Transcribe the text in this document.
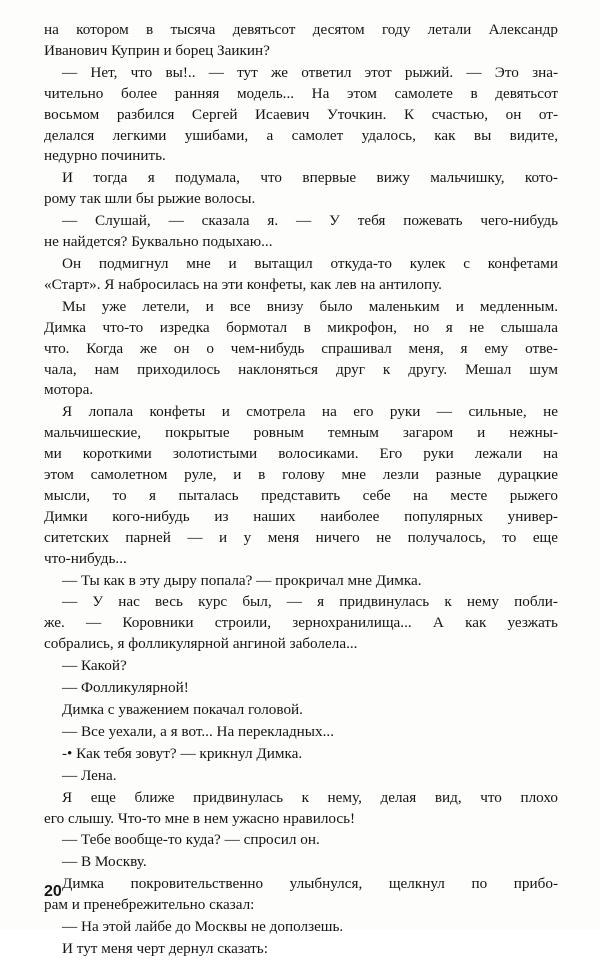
на котором в тысяча девятьсот десятом году летали Александр
Иванович Куприн и борец Заикин?
— Нет, что вы!.. — тут же ответил этот рыжий. — Это зна-
чительно более ранняя модель... На этом самолете в девятьсот
восьмом разбился Сергей Исаевич Уточкин. К счастью, он от-
делался легкими ушибами, а самолет удалось, как вы видите,
недурно починить.
И тогда я подумала, что впервые вижу мальчишку, кото-
рому так шли бы рыжие волосы.
— Слушай, — сказала я. — У тебя пожевать чего-нибудь
не найдется? Буквально подыхаю...
Он подмигнул мне и вытащил откуда-то кулек с конфетами
«Старт». Я набросилась на эти конфеты, как лев на антилопу.
Мы уже летели, и все внизу было маленьким и медленным.
Димка что-то изредка бормотал в микрофон, но я не слышала
что. Когда же он о чем-нибудь спрашивал меня, я ему отве-
чала, нам приходилось наклоняться друг к другу. Мешал шум
мотора.
Я лопала конфеты и смотрела на его руки — сильные, не
мальчишеские, покрытые ровным темным загаром и нежны-
ми короткими золотистыми волосиками. Его руки лежали на
этом самолетном руле, и в голову мне лезли разные дурацкие
мысли, то я пыталась представить себе на месте рыжего
Димки кого-нибудь из наших наиболее популярных универ-
ситетских парней — и у меня ничего не получалось, то еще
что-нибудь...
— Ты как в эту дыру попала? — прокричал мне Димка.
— У нас весь курс был, — я придвинулась к нему побли-
же. — Коровники строили, зернохранилища... А как уезжать
собрались, я фолликулярной ангиной заболела...
— Какой?
— Фолликулярной!
Димка с уважением покачал головой.
— Все уехали, а я вот... На перекладных...
-• Как тебя зовут? — крикнул Димка.
— Лена.
Я еще ближе придвинулась к нему, делая вид, что плохо
его слышу. Что-то мне в нем ужасно нравилось!
— Тебе вообще-то куда? — спросил он.
— В Москву.
Димка покровительственно улыбнулся, щелкнул по прибо-
рам и пренебрежительно сказал:
— На этой лайбе до Москвы не доползешь.
И тут меня черт дернул сказать:
20
